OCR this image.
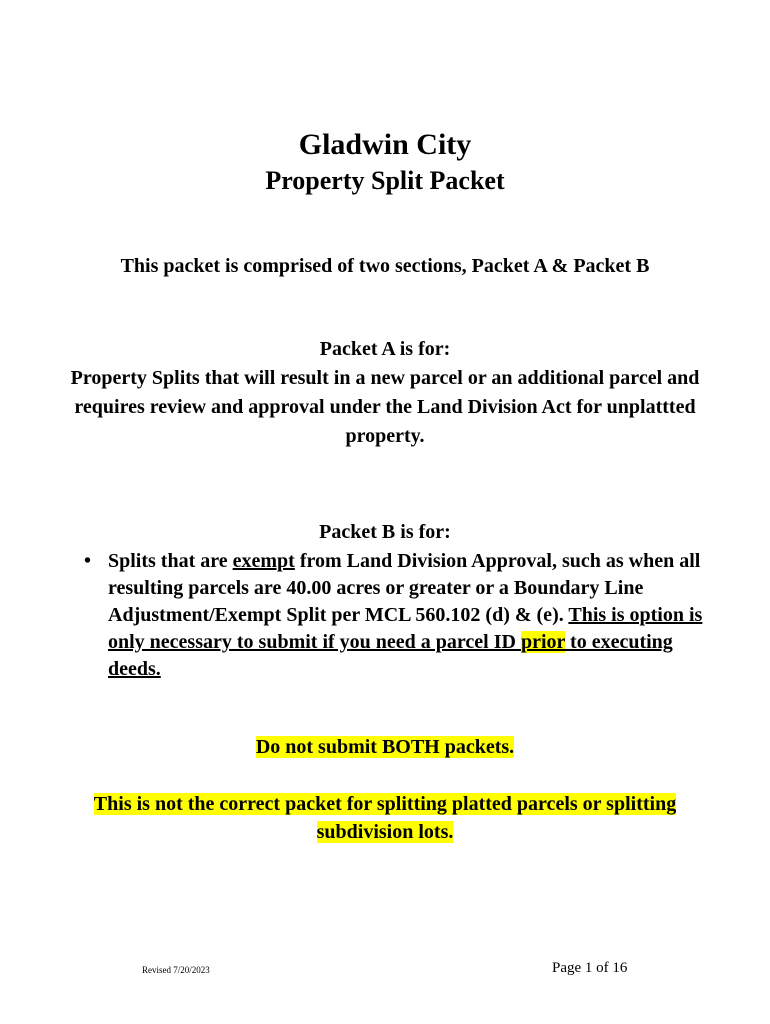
Gladwin City
Property Split Packet
This packet is comprised of two sections, Packet A & Packet B
Packet A is for:
Property Splits that will result in a new parcel or an additional parcel and requires review and approval under the Land Division Act for unplattted property.
Packet B is for:
• Splits that are exempt from Land Division Approval, such as when all resulting parcels are 40.00 acres or greater or a Boundary Line Adjustment/Exempt Split per MCL 560.102 (d) & (e). This is option is only necessary to submit if you need a parcel ID prior to executing deeds.
Do not submit BOTH packets.
This is not the correct packet for splitting platted parcels or splitting subdivision lots.
Revised 7/20/2023	Page 1 of 16
